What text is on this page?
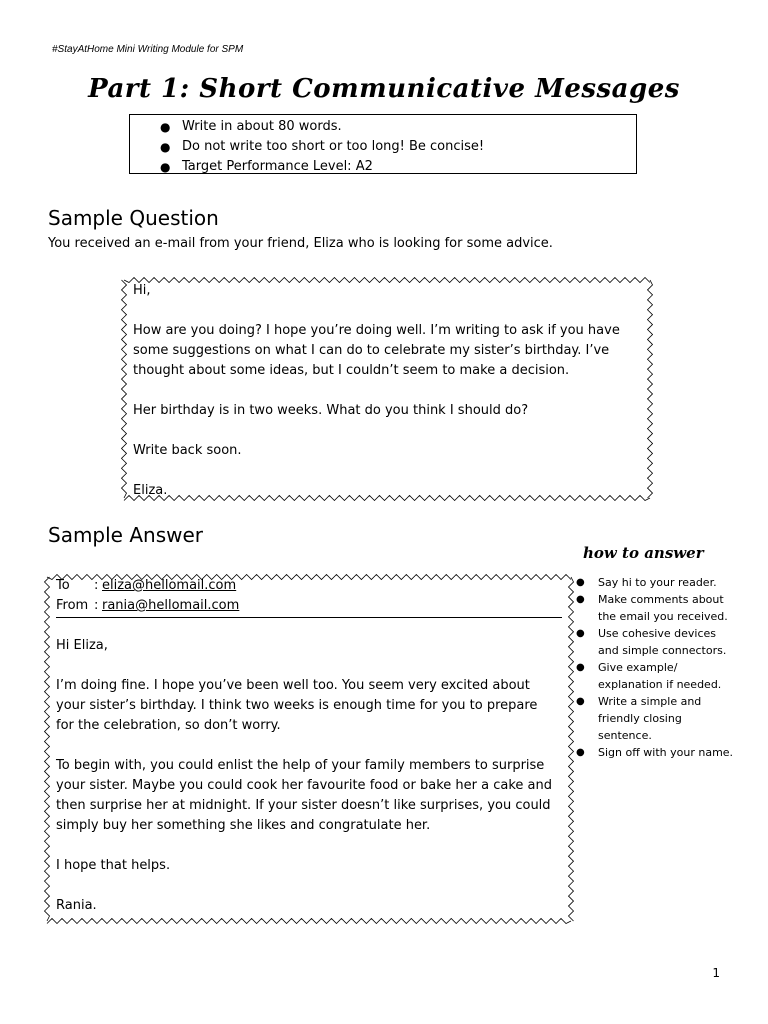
#StayAtHome Mini Writing Module for SPM
Part 1: Short Communicative Messages
● Write in about 80 words.
● Do not write too short or too long! Be concise!
● Target Performance Level: A2
Sample Question
You received an e-mail from your friend, Eliza who is looking for some advice.

Hi,

How are you doing? I hope you’re doing well. I’m writing to ask if you have some suggestions on what I can do to celebrate my sister’s birthday. I’ve thought about some ideas, but I couldn’t seem to make a decision.

Her birthday is in two weeks. What do you think I should do?

Write back soon.

Eliza.

Sample Answer
how to answer
To	: eliza@hellomail.com
From : rania@hellomail.com

Hi Eliza,

I’m doing fine. I hope you’ve been well too. You seem very excited about your sister’s birthday. I think two weeks is enough time for you to prepare for the celebration, so don’t worry.

To begin with, you could enlist the help of your family members to surprise your sister. Maybe you could cook her favourite food or bake her a cake and then surprise her at midnight. If your sister doesn’t like surprises, you could simply buy her something she likes and congratulate her.

I hope that helps.

Rania.

● Say hi to your reader.
● Make comments about the email you received.
● Use cohesive devices and simple connectors.
● Give example/ explanation if needed.
● Write a simple and friendly closing sentence.
● Sign off with your name.
1
